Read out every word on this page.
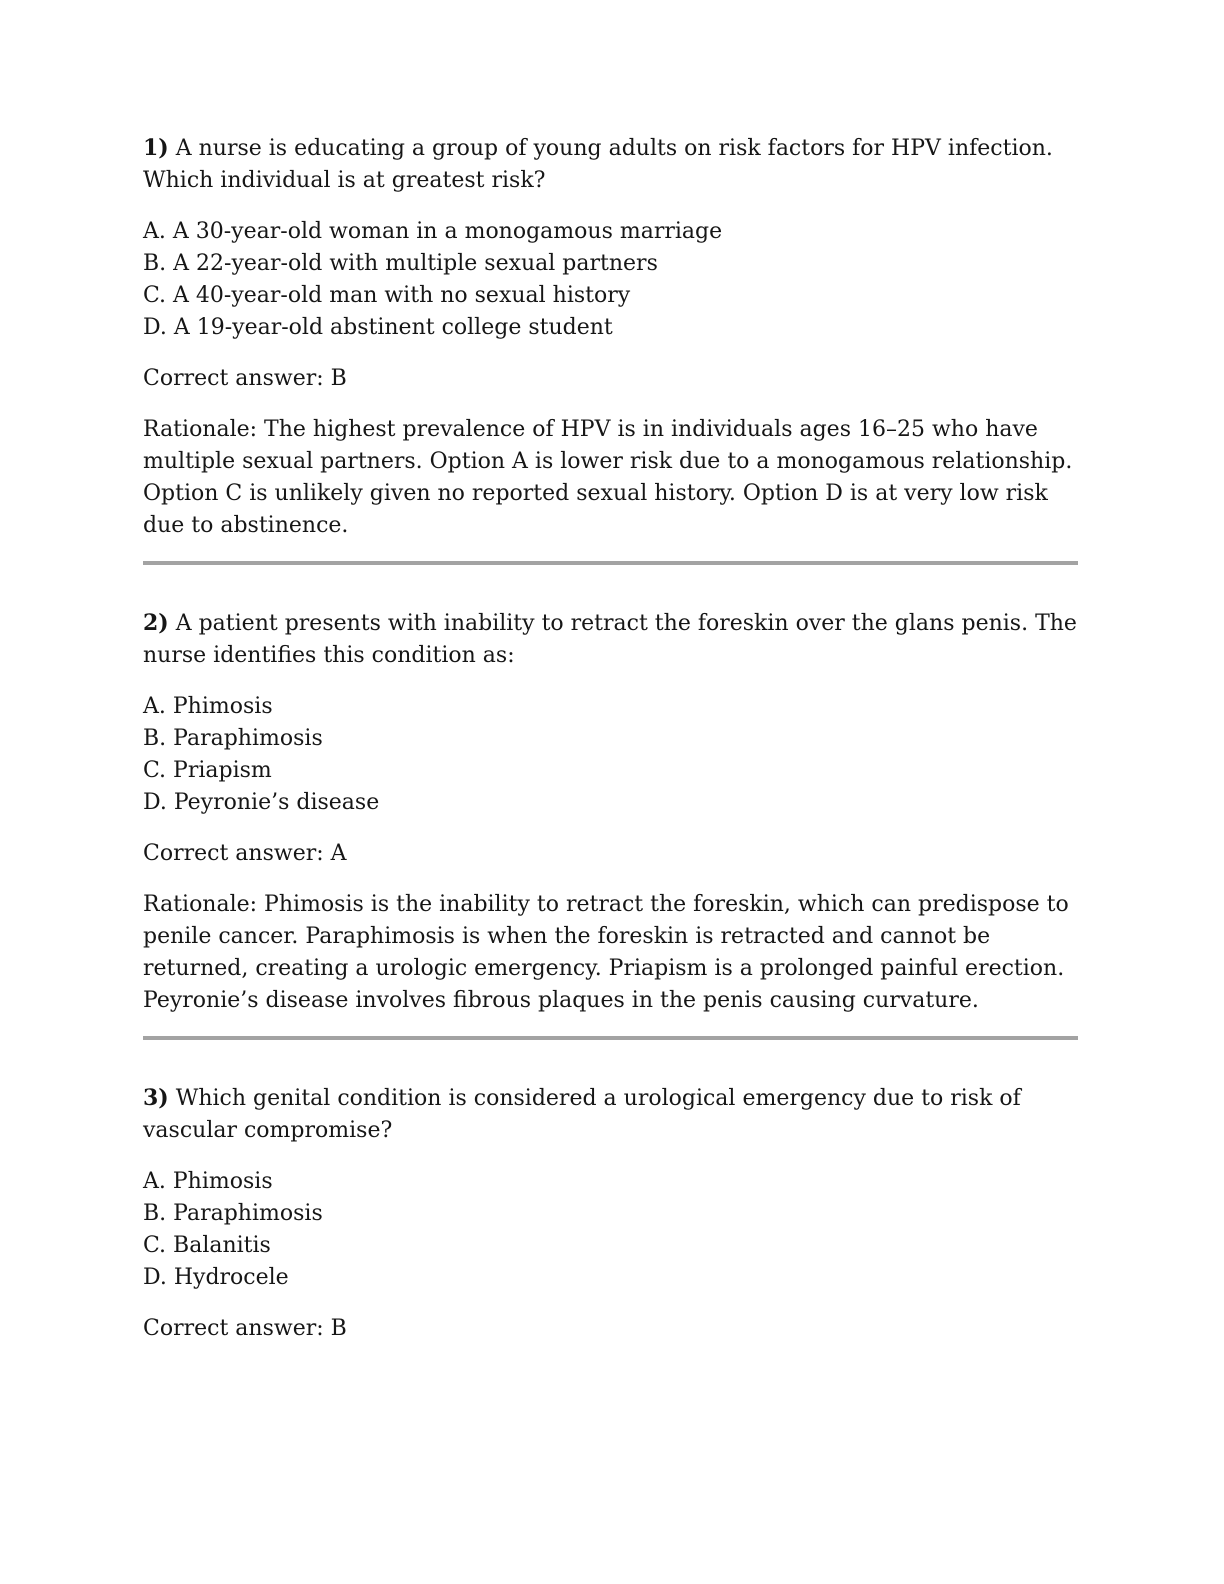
1) A nurse is educating a group of young adults on risk factors for HPV infection. Which individual is at greatest risk?

A. A 30-year-old woman in a monogamous marriage
B. A 22-year-old with multiple sexual partners
C. A 40-year-old man with no sexual history
D. A 19-year-old abstinent college student

Correct answer: B

Rationale: The highest prevalence of HPV is in individuals ages 16–25 who have multiple sexual partners. Option A is lower risk due to a monogamous relationship. Option C is unlikely given no reported sexual history. Option D is at very low risk due to abstinence.

2) A patient presents with inability to retract the foreskin over the glans penis. The nurse identifies this condition as:

A. Phimosis
B. Paraphimosis
C. Priapism
D. Peyronie’s disease

Correct answer: A

Rationale: Phimosis is the inability to retract the foreskin, which can predispose to penile cancer. Paraphimosis is when the foreskin is retracted and cannot be returned, creating a urologic emergency. Priapism is a prolonged painful erection. Peyronie’s disease involves fibrous plaques in the penis causing curvature.

3) Which genital condition is considered a urological emergency due to risk of vascular compromise?

A. Phimosis
B. Paraphimosis
C. Balanitis
D. Hydrocele

Correct answer: B
